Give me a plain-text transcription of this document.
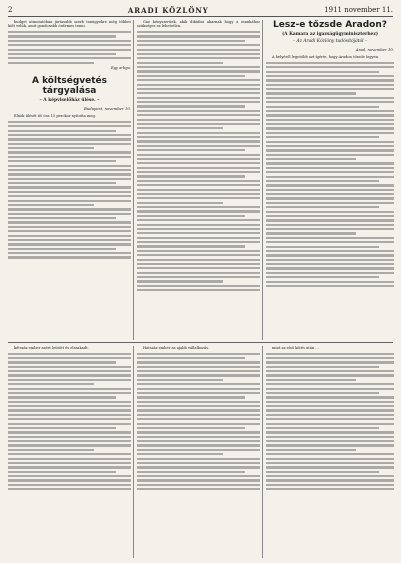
2	ARADI KÖZLÖNY	1911 november 11.
budget utmutatóban jártasabb szerb tanügyekre még többet költ velük, amit gondosabb ördemes tenni.
Egy arbgu.
A költségvetés tárgyalása
– A képviselőház ülése. –
Budapest, november 10.
Elnök ülését 60 óra 15 perckor nyitotta meg.
Gaz kényszerűek, akik diktálni akarnak hogy a munkához szükséges ez lehetetlen.	Lesz-e tőzsde Aradon?
(A Kamara az igazságügyminiszterhez)
– Az Aradi Közlöny tudósítójától –
Arad, november 10.
A helyéről legutóbb azt ígérte, hogy Aradon tőzsde legyen.
kétszáz ember azért leütött és elszakadt.	Hatszáz ember az ujabb vállalkozás.	mint az első kötés után ...
